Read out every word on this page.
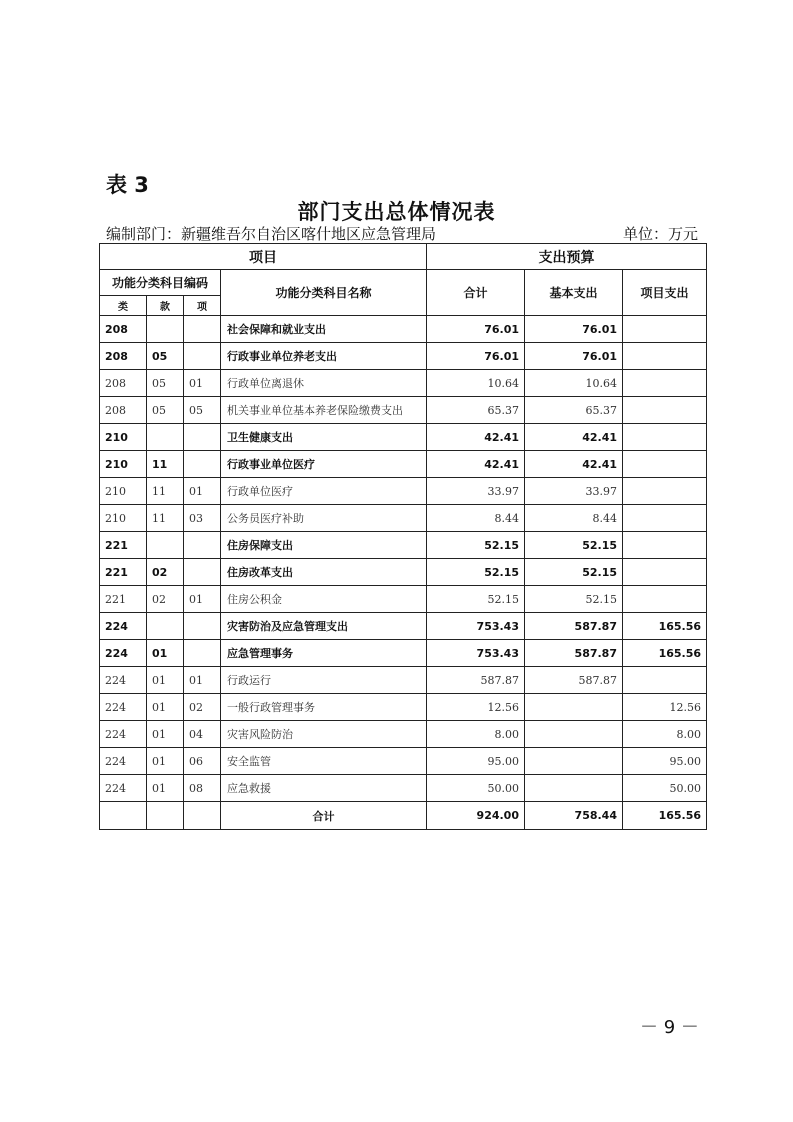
表 3
部门支出总体情况表
编制部门：新疆维吾尔自治区喀什地区应急管理局	单位：万元
项目				支出预算		
功能分类科目编码			功能分类科目名称	合计	基本支出	项目支出
类	款	项				
208			社会保障和就业支出	76.01	76.01	
208	05		行政事业单位养老支出	76.01	76.01	
208	05	01	行政单位离退休	10.64	10.64	
208	05	05	机关事业单位基本养老保险缴费支出	65.37	65.37	
210			卫生健康支出	42.41	42.41	
210	11		行政事业单位医疗	42.41	42.41	
210	11	01	行政单位医疗	33.97	33.97	
210	11	03	公务员医疗补助	8.44	8.44	
221			住房保障支出	52.15	52.15	
221	02		住房改革支出	52.15	52.15	
221	02	01	住房公积金	52.15	52.15	
224			灾害防治及应急管理支出	753.43	587.87	165.56
224	01		应急管理事务	753.43	587.87	165.56
224	01	01	行政运行	587.87	587.87	
224	01	02	一般行政管理事务	12.56		12.56
224	01	04	灾害风险防治	8.00		8.00
224	01	06	安全监管	95.00		95.00
224	01	08	应急救援	50.00		50.00
			合计	924.00	758.44	165.56
－ 9 －
